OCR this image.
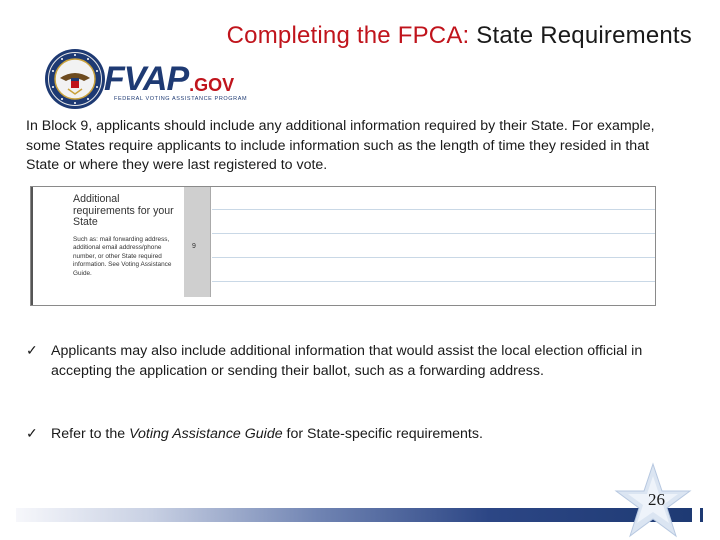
Completing the FPCA: State Requirements
FVAP .GOV
FEDERAL VOTING ASSISTANCE PROGRAM
In Block 9, applicants should include any additional information required by their State. For example, some States require applicants to include information such as the length of time they resided in that State or where they were last registered to vote.
Additional requirements for your State
Such as: mail forwarding address, additional email address/phone number, or other State required information. See Voting Assistance Guide.
9
✓ Applicants may also include additional information that would assist the local election official in accepting the application or sending their ballot, such as a forwarding address.
✓ Refer to the Voting Assistance Guide for State-specific requirements.
26
